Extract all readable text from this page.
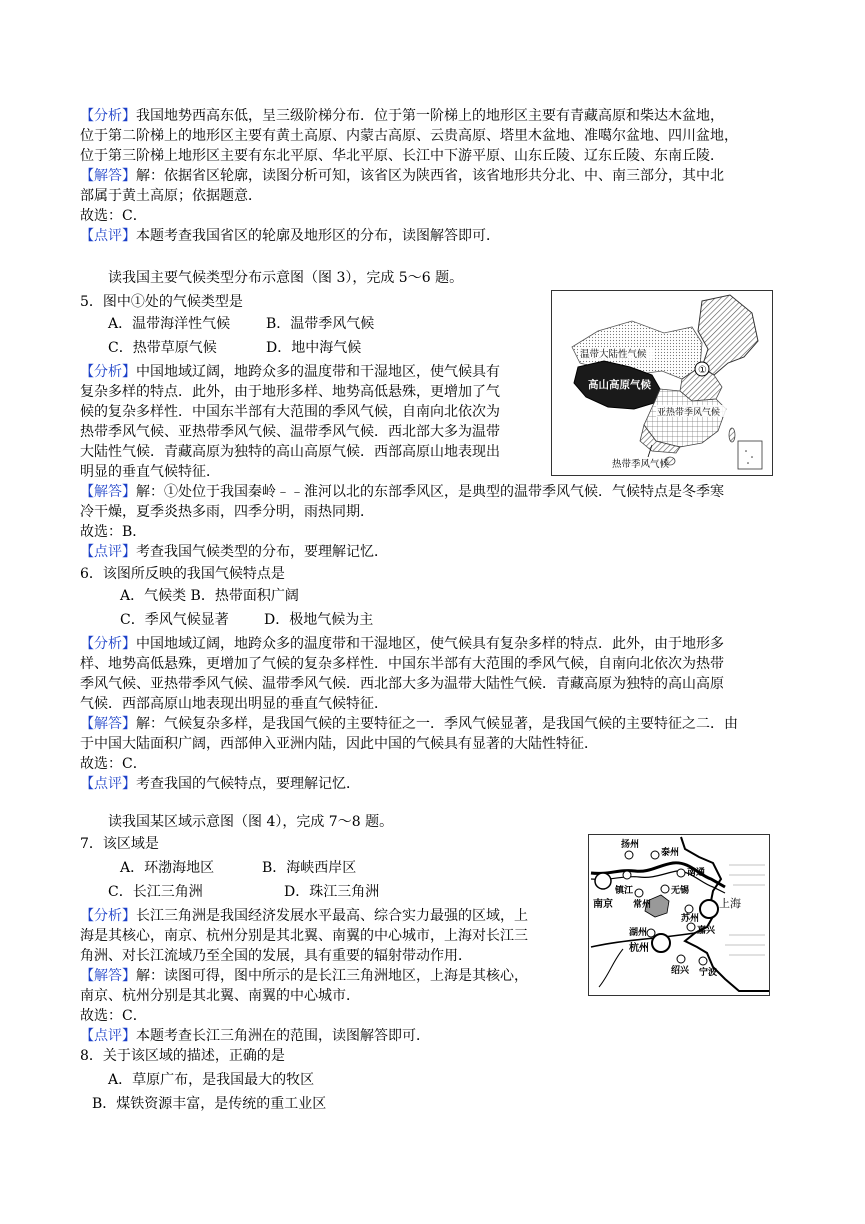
【分析】我国地势西高东低，呈三级阶梯分布．位于第一阶梯上的地形区主要有青藏高原和柴达木盆地，
位于第二阶梯上的地形区主要有黄土高原、内蒙古高原、云贵高原、塔里木盆地、准噶尔盆地、四川盆地，
位于第三阶梯上地形区主要有东北平原、华北平原、长江中下游平原、山东丘陵、辽东丘陵、东南丘陵．
【解答】解：依据省区轮廓，读图分析可知，该省区为陕西省，该省地形共分北、中、南三部分，其中北
部属于黄土高原；依据题意．
故选：C．
【点评】本题考查我国省区的轮廓及地形区的分布，读图解答即可．
读我国主要气候类型分布示意图（图 3），完成 5～6 题。
5．图中①处的气候类型是
A．温带海洋性气候	B．温带季风气候
C．热带草原气候	D．地中海气候
【分析】中国地域辽阔，地跨众多的温度带和干湿地区，使气候具有
复杂多样的特点．此外，由于地形多样、地势高低悬殊，更增加了气
候的复杂多样性．中国东半部有大范围的季风气候，自南向北依次为
热带季风气候、亚热带季风气候、温带季风气候．西北部大多为温带
大陆性气候．青藏高原为独特的高山高原气候．西部高原山地表现出
明显的垂直气候特征．
【解答】解：①处位于我国秦岭﹣﹣淮河以北的东部季风区，是典型的温带季风气候．气候特点是冬季寒
冷干燥，夏季炎热多雨，四季分明，雨热同期．
故选：B．
【点评】考查我国气候类型的分布，要理解记忆．
6．该图所反映的我国气候特点是
A．气候类 B．热带面积广阔
C．季风气候显著	D．极地气候为主
【分析】中国地域辽阔，地跨众多的温度带和干湿地区，使气候具有复杂多样的特点．此外，由于地形多
样、地势高低悬殊，更增加了气候的复杂多样性．中国东半部有大范围的季风气候，自南向北依次为热带
季风气候、亚热带季风气候、温带季风气候．西北部大多为温带大陆性气候．青藏高原为独特的高山高原
气候．西部高原山地表现出明显的垂直气候特征．
【解答】解：气候复杂多样，是我国气候的主要特征之一．季风气候显著，是我国气候的主要特征之二．由
于中国大陆面积广阔，西部伸入亚洲内陆，因此中国的气候具有显著的大陆性特征．
故选：C．
【点评】考查我国的气候特点，要理解记忆．
①
温带大陆性气候
高山高原气候
亚热带季风气候
热带季风气候
读我国某区域示意图（图 4），完成 7～8 题。
7．该区域是
A．环渤海地区	B．海峡西岸区
C．长江三角洲	D．珠江三角洲
【分析】长江三角洲是我国经济发展水平最高、综合实力最强的区域，上
海是其核心，南京、杭州分别是其北翼、南翼的中心城市，上海对长江三
角洲、对长江流域乃至全国的发展，具有重要的辐射带动作用．
【解答】解：读图可得，图中所示的是长江三角洲地区，上海是其核心，
南京、杭州分别是其北翼、南翼的中心城市．
故选：C．
【点评】本题考查长江三角洲在的范围，读图解答即可．
8．关于该区域的描述，正确的是
A．草原广布，是我国最大的牧区
B．煤铁资源丰富，是传统的重工业区
扬州
泰州
镇江
南通
南京 常州
无锡
上海
湖州
苏州
嘉兴
杭州
绍兴 宁波
